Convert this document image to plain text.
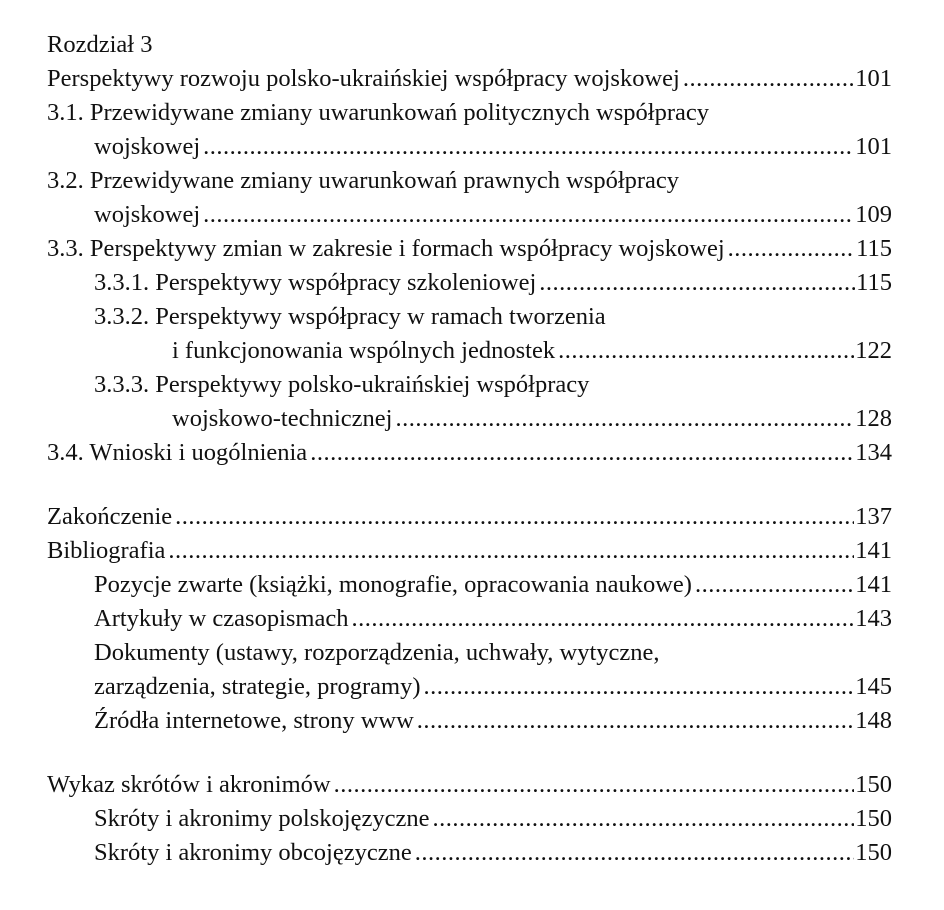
Rozdział 3
Perspektywy rozwoju polsko-ukraińskiej współpracy wojskowej .....	101
3.1. Przewidywane zmiany uwarunkowań politycznych współpracy
wojskowej .....	101
3.2. Przewidywane zmiany uwarunkowań prawnych współpracy
wojskowej .....	109
3.3. Perspektywy zmian w zakresie i formach współpracy wojskowej .....	115
3.3.1. Perspektywy współpracy szkoleniowej .....	115
3.3.2. Perspektywy współpracy w ramach tworzenia
i funkcjonowania wspólnych jednostek .....	122
3.3.3. Perspektywy polsko-ukraińskiej współpracy
wojskowo-technicznej .....	128
3.4. Wnioski i uogólnienia .....	134
Zakończenie .....	137
Bibliografia .....	141
Pozycje zwarte (książki, monografie, opracowania naukowe) .....	141
Artykuły w czasopismach .....	143
Dokumenty (ustawy, rozporządzenia, uchwały, wytyczne,
zarządzenia, strategie, programy) .....	145
Źródła internetowe, strony www .....	148
Wykaz skrótów i akronimów .....	150
Skróty i akronimy polskojęzyczne .....	150
Skróty i akronimy obcojęzyczne .....	150
